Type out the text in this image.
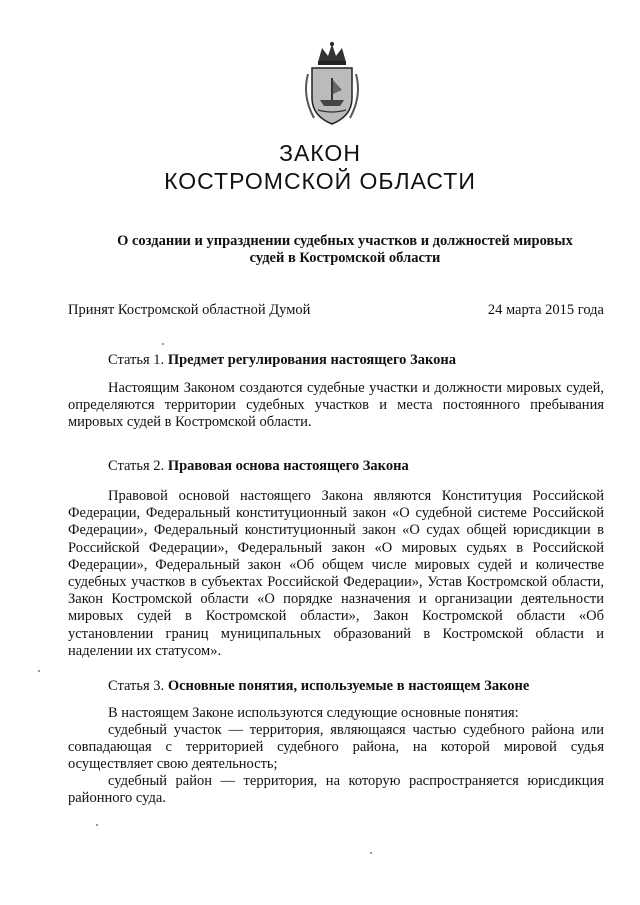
ЗАКОН
КОСТРОМСКОЙ ОБЛАСТИ
О создании и упразднении судебных участков и должностей мировых судей в Костромской области
Принят Костромской областной Думой	24 марта 2015 года
Статья 1. Предмет регулирования настоящего Закона

Настоящим Законом создаются судебные участки и должности мировых судей, определяются территории судебных участков и места постоянного пребывания мировых судей в Костромской области.

Статья 2. Правовая основа настоящего Закона

Правовой основой настоящего Закона являются Конституция Российской Федерации, Федеральный конституционный закон «О судебной системе Российской Федерации», Федеральный конституционный закон «О судах общей юрисдикции в Российской Федерации», Федеральный закон «О мировых судьях в Российской Федерации», Федеральный закон «Об общем числе мировых судей и количестве судебных участков в субъектах Российской Федерации», Устав Костромской области, Закон Костромской области «О порядке назначения и организации деятельности мировых судей в Костромской области», Закон Костромской области «Об установлении границ муниципальных образований в Костромской области и наделении их статусом».

Статья 3. Основные понятия, используемые в настоящем Законе

В настоящем Законе используются следующие основные понятия:

судебный участок — территория, являющаяся частью судебного района или совпадающая с территорией судебного района, на которой мировой судья осуществляет свою деятельность;

судебный район — территория, на которую распространяется юрисдикция районного суда.
